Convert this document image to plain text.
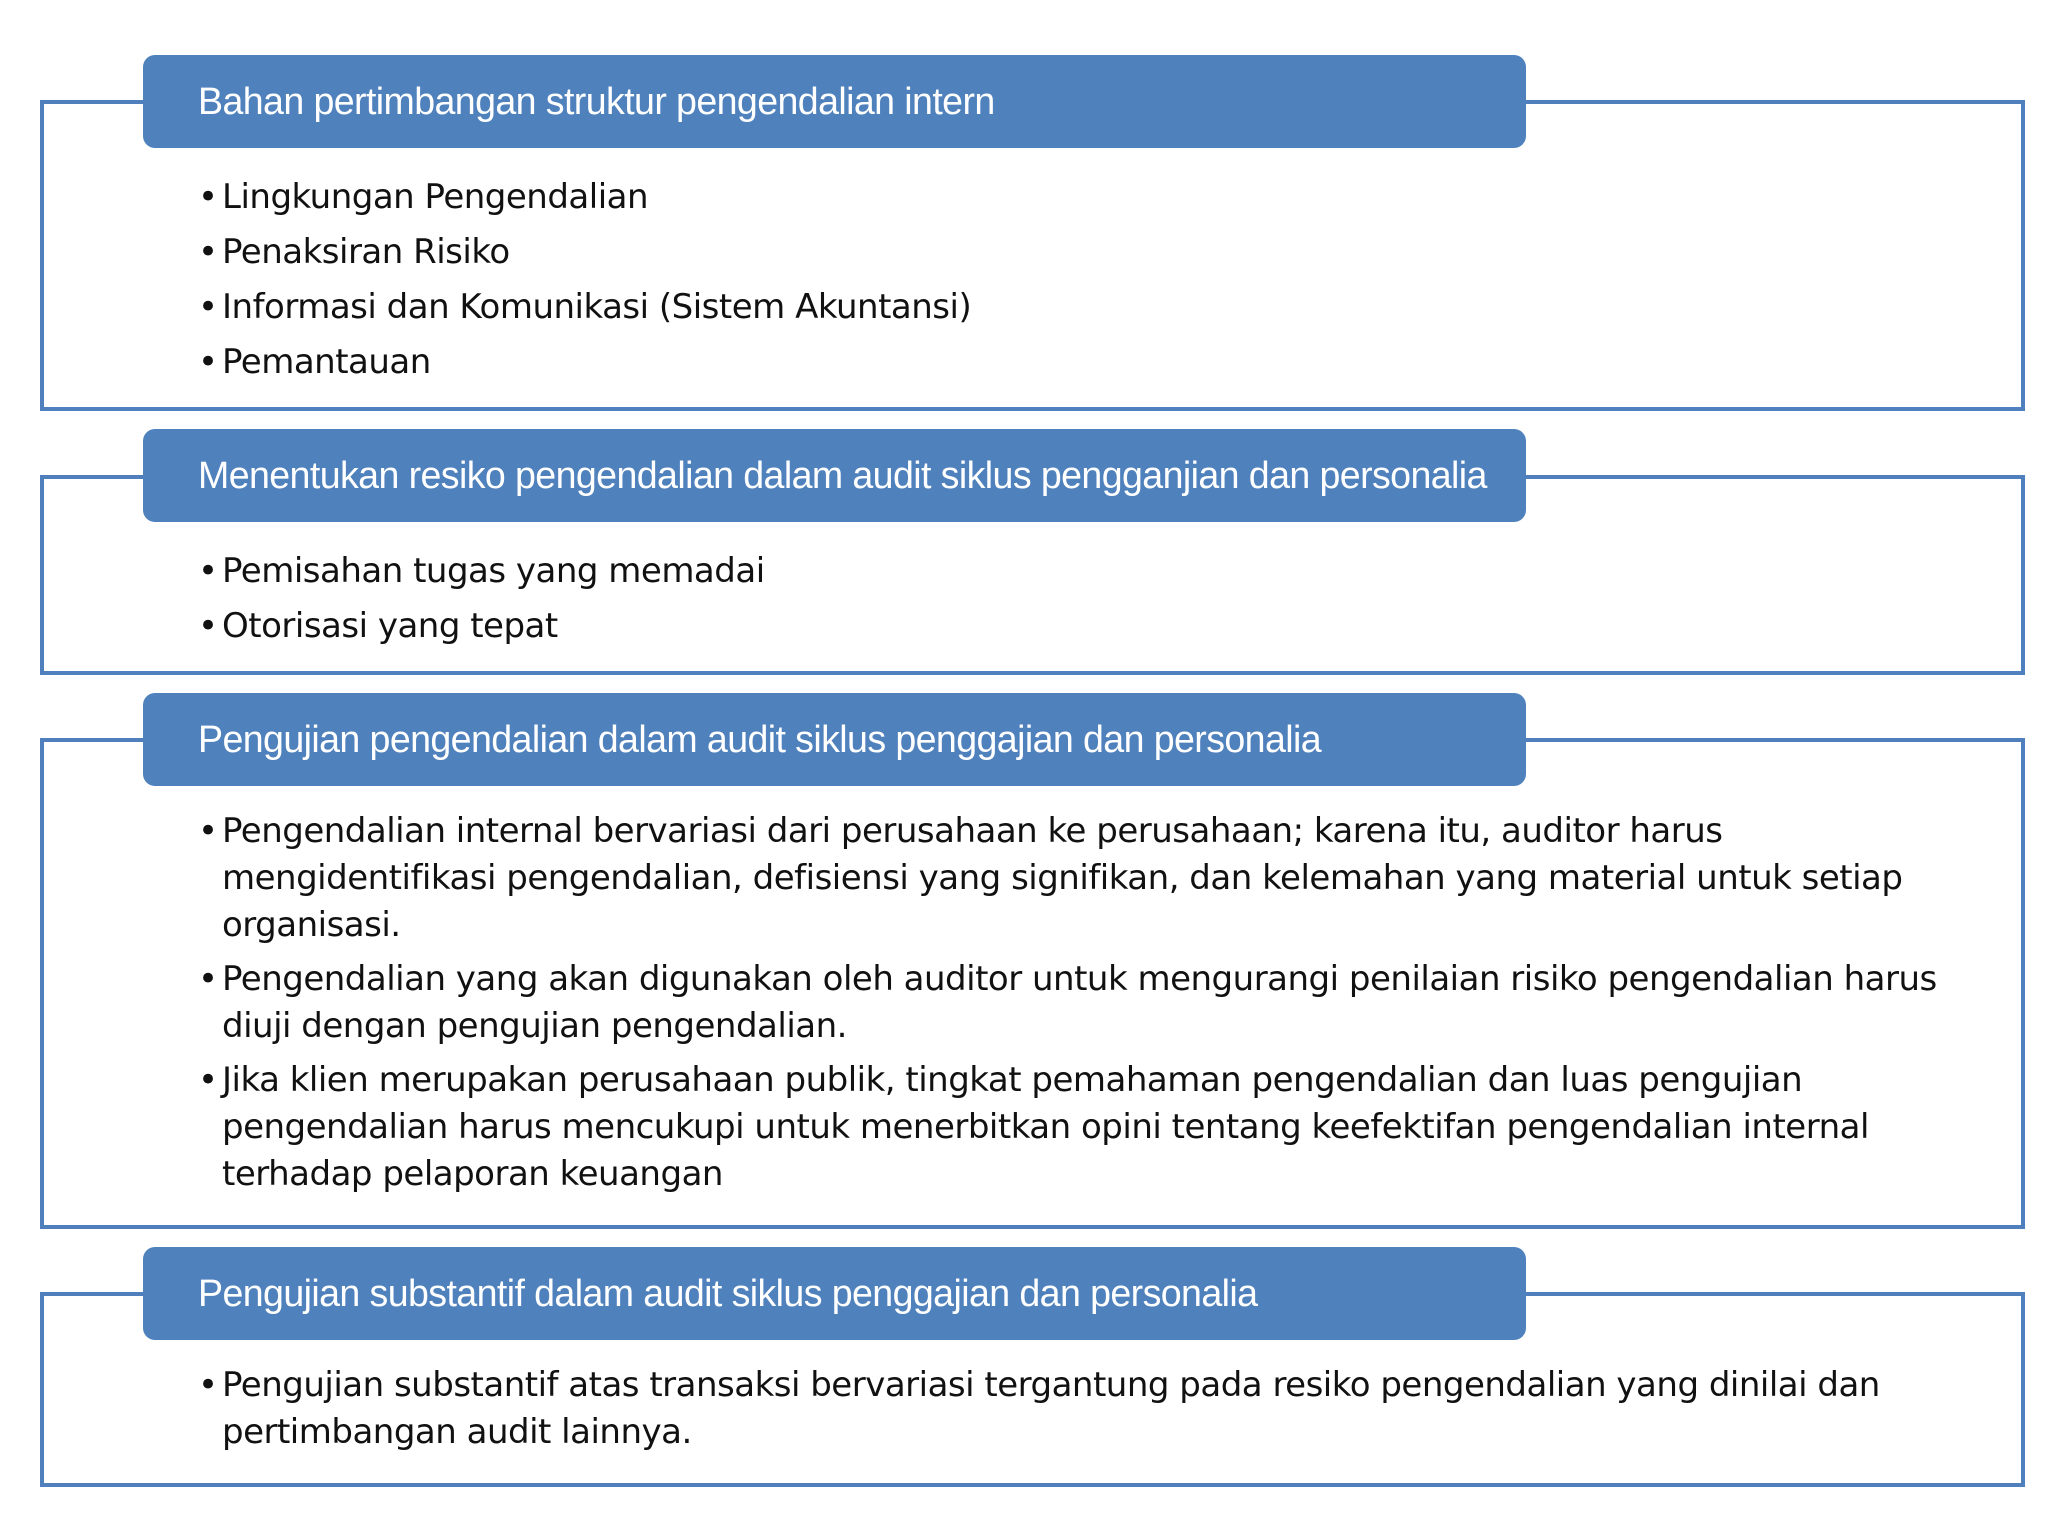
Bahan pertimbangan struktur pengendalian intern
• Lingkungan Pengendalian
• Penaksiran Risiko
• Informasi dan Komunikasi (Sistem Akuntansi)
• Pemantauan
Menentukan resiko pengendalian dalam audit siklus pengganjian dan personalia
• Pemisahan tugas yang memadai
• Otorisasi yang tepat
Pengujian pengendalian dalam audit siklus penggajian dan personalia
• Pengendalian internal bervariasi dari perusahaan ke perusahaan; karena itu, auditor harus mengidentifikasi pengendalian, defisiensi yang signifikan, dan kelemahan yang material untuk setiap organisasi.
• Pengendalian yang akan digunakan oleh auditor untuk mengurangi penilaian risiko pengendalian harus diuji dengan pengujian pengendalian.
• Jika klien merupakan perusahaan publik, tingkat pemahaman pengendalian dan luas pengujian pengendalian harus mencukupi untuk menerbitkan opini tentang keefektifan pengendalian internal terhadap pelaporan keuangan
Pengujian substantif dalam audit siklus penggajian dan personalia
• Pengujian substantif atas transaksi bervariasi tergantung pada resiko pengendalian yang dinilai dan pertimbangan audit lainnya.
